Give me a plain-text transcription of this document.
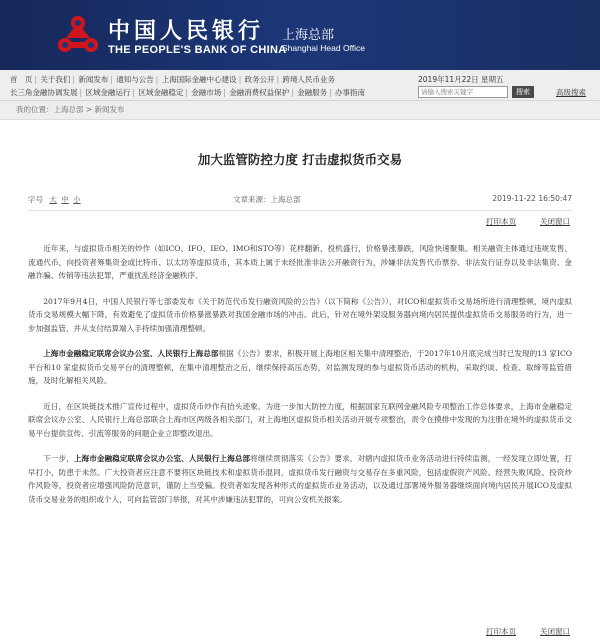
中国人民银行
THE PEOPLE'S BANK OF CHINA
上海总部
Shanghai Head Office
首　页 | 关于我们 | 新闻发布 | 通知与公告 | 上海国际金融中心建设 | 政务公开 | 跨境人民币业务
长三角金融协调发展 | 区域金融运行 | 区域金融稳定 | 金融市场 | 金融消费权益保护 | 金融服务 | 办事指南
2019年11月22日 星期五
请输入搜索关键字
搜索	高级搜索
我的位置：上海总部 > 新闻发布
加大监管防控力度 打击虚拟货币交易
字号 大 中 小	文章来源：上海总部	2019-11-22 16:50:47
打印本页	关闭窗口

近年来，与虚拟货币相关的炒作（如ICO、IFO、IEO、IMO和STO等）花样翻新、投机盛行，价格暴涨暴跌，风险快速聚集。相关融资主体通过违规发售、流通代币，向投资者筹集资金或比特币、以太坊等虚拟货币，其本质上属于未经批准非法公开融资行为，涉嫌非法发售代币票券、非法发行证券以及非法集资、金融诈骗、传销等违法犯罪，严重扰乱经济金融秩序。

2017年9月4日，中国人民银行等七部委发布《关于防范代币发行融资风险的公告》（以下简称《公告》），对ICO和虚拟货币交易场所进行清理整顿，境内虚拟货币交易规模大幅下降，有效避免了虚拟货币价格暴涨暴跌对我国金融市场的冲击。此后，针对在境外架设服务器向境内居民提供虚拟货币交易服务的行为，进一步加强监管，并从支付结算端入手持续加强清理整顿。

上海市金融稳定联席会议办公室、人民银行上海总部根据《公告》要求，积极开展上海地区相关集中清理整治，于2017年10月底完成当时已发现的13 家ICO 平台和10 家虚拟货币交易平台的清理整顿，在集中清理整治之后，继续保持高压态势，对监测发现的参与虚拟货币活动的机构，采取约谈、检查、取缔等监管措施，及时化解相关风险。

近日，在区块链技术推广宣传过程中，虚拟货币炒作有抬头迹象。为进一步加大防控力度，根据国家互联网金融风险专项整治工作总体要求，上海市金融稳定联席会议办公室、人民银行上海总部联合上海市区两级各相关部门，对上海地区虚拟货币相关活动开展专项整治，责令在摸排中发现的为注册在境外的虚拟货币交易平台提供宣传、引流等服务的问题企业立即整改退出。

下一步，上海市金融稳定联席会议办公室、人民银行上海总部将继续贯彻落实《公告》要求，对辖内虚拟货币业务活动进行持续监测，一经发现立即处置，打早打小，防患于未然。广大投资者应注意不要将区块链技术和虚拟货币混同，虚拟货币发行融资与交易存在多重风险，包括虚假资产风险、经营失败风险、投资炒作风险等，投资者应增强风险防范意识，谨防上当受骗。投资者如发现各种形式的虚拟货币业务活动，以及通过部署境外服务器继续面向境内居民开展ICO及虚拟货币交易业务的组织或个人，可向监管部门举报，对其中涉嫌违法犯罪的，可向公安机关报案。

打印本页	关闭窗口
